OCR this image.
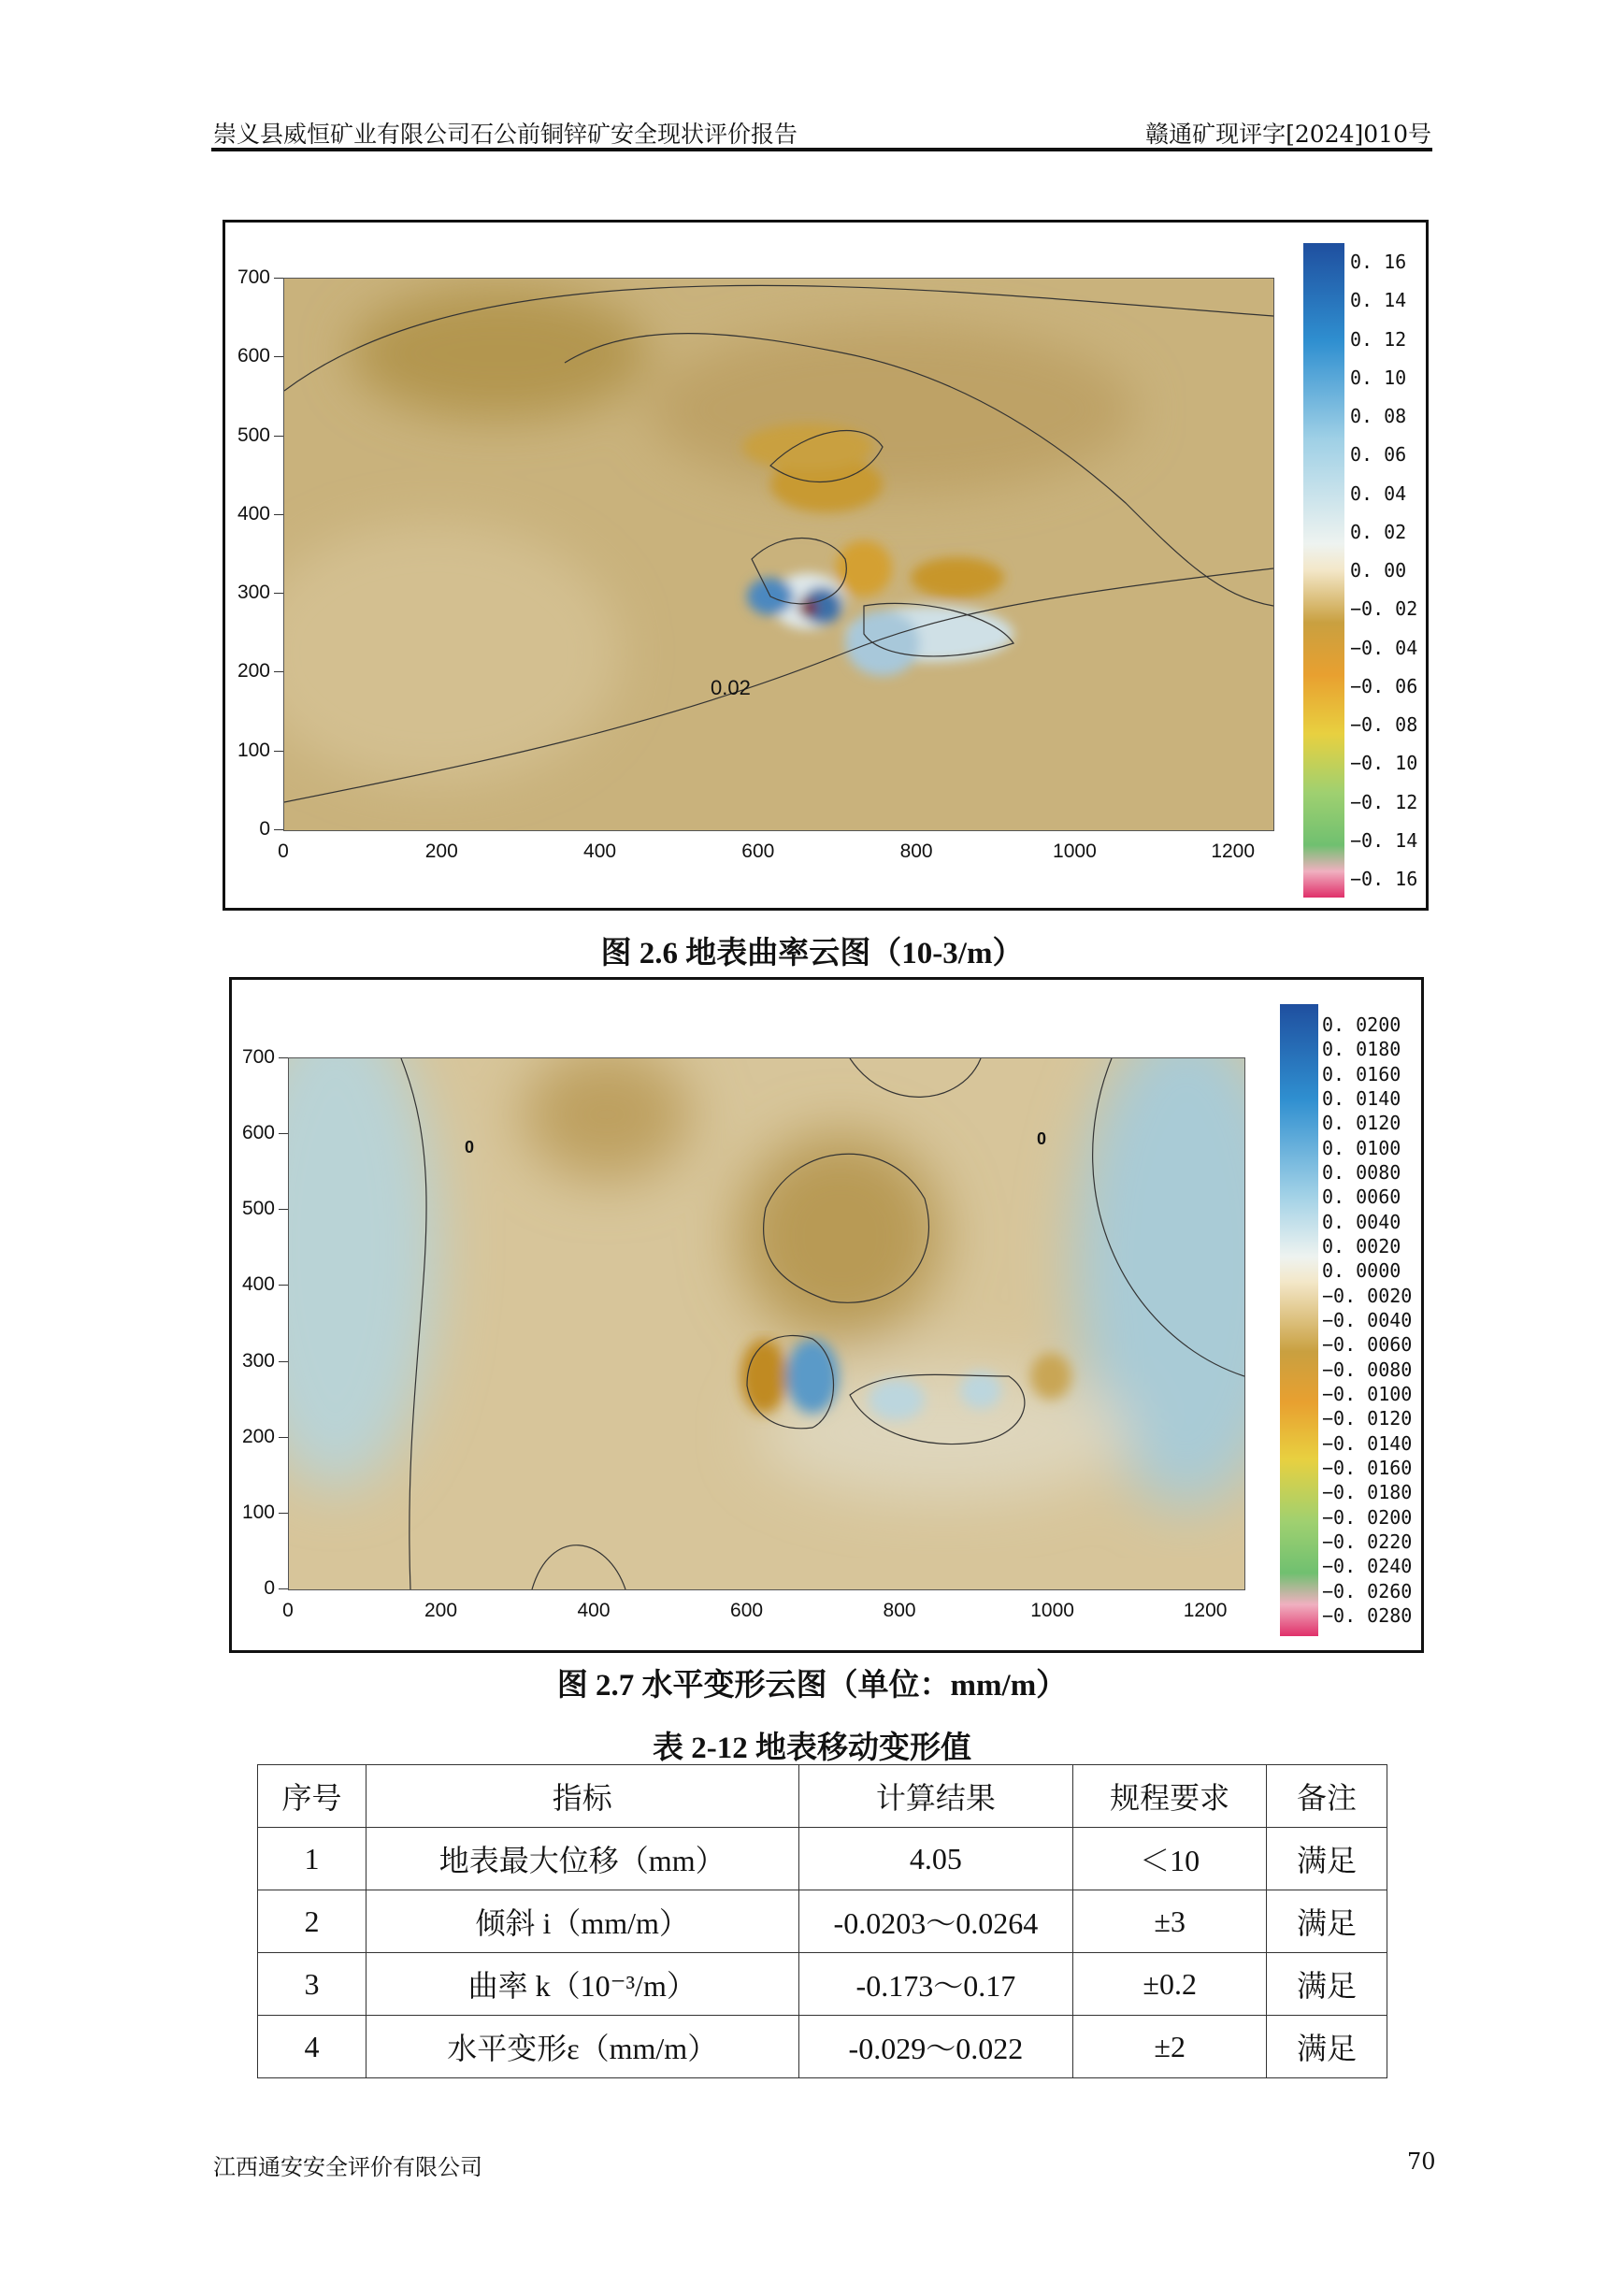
崇义县威恒矿业有限公司石公前铜锌矿安全现状评价报告	赣通矿现评字[2024]010号
0.02
图 2.6 地表曲率云图（10-3/m）
0	0
图 2.7 水平变形云图（单位：mm/m）
表 2-12 地表移动变形值
序号	指标	计算结果	规程要求	备注
1	地表最大位移（mm）	4.05	＜10	满足
2	倾斜 i（mm/m）	-0.0203～0.0264	±3	满足
3	曲率 k（10⁻³/m）	-0.173～0.17	±0.2	满足
4	水平变形ε（mm/m）	-0.029～0.022	±2	满足
江西通安安全评价有限公司	70
0	200	400	600	800	1000	1200
0
100
200
300
400
500
600
700
0	200	400	600	800	1000	1200
0
100
200
300
400
500
600
700
0. 16
0. 14
0. 12
0. 10
0. 08
0. 06
0. 04
0. 02
0. 00
−0. 02
−0. 04
−0. 06
−0. 08
−0. 10
−0. 12
−0. 14
−0. 16
0. 0200
0. 0180
0. 0160
0. 0140
0. 0120
0. 0100
0. 0080
0. 0060
0. 0040
0. 0020
0. 0000
−0. 0020
−0. 0040
−0. 0060
−0. 0080
−0. 0100
−0. 0120
−0. 0140
−0. 0160
−0. 0180
−0. 0200
−0. 0220
−0. 0240
−0. 0260
−0. 0280
